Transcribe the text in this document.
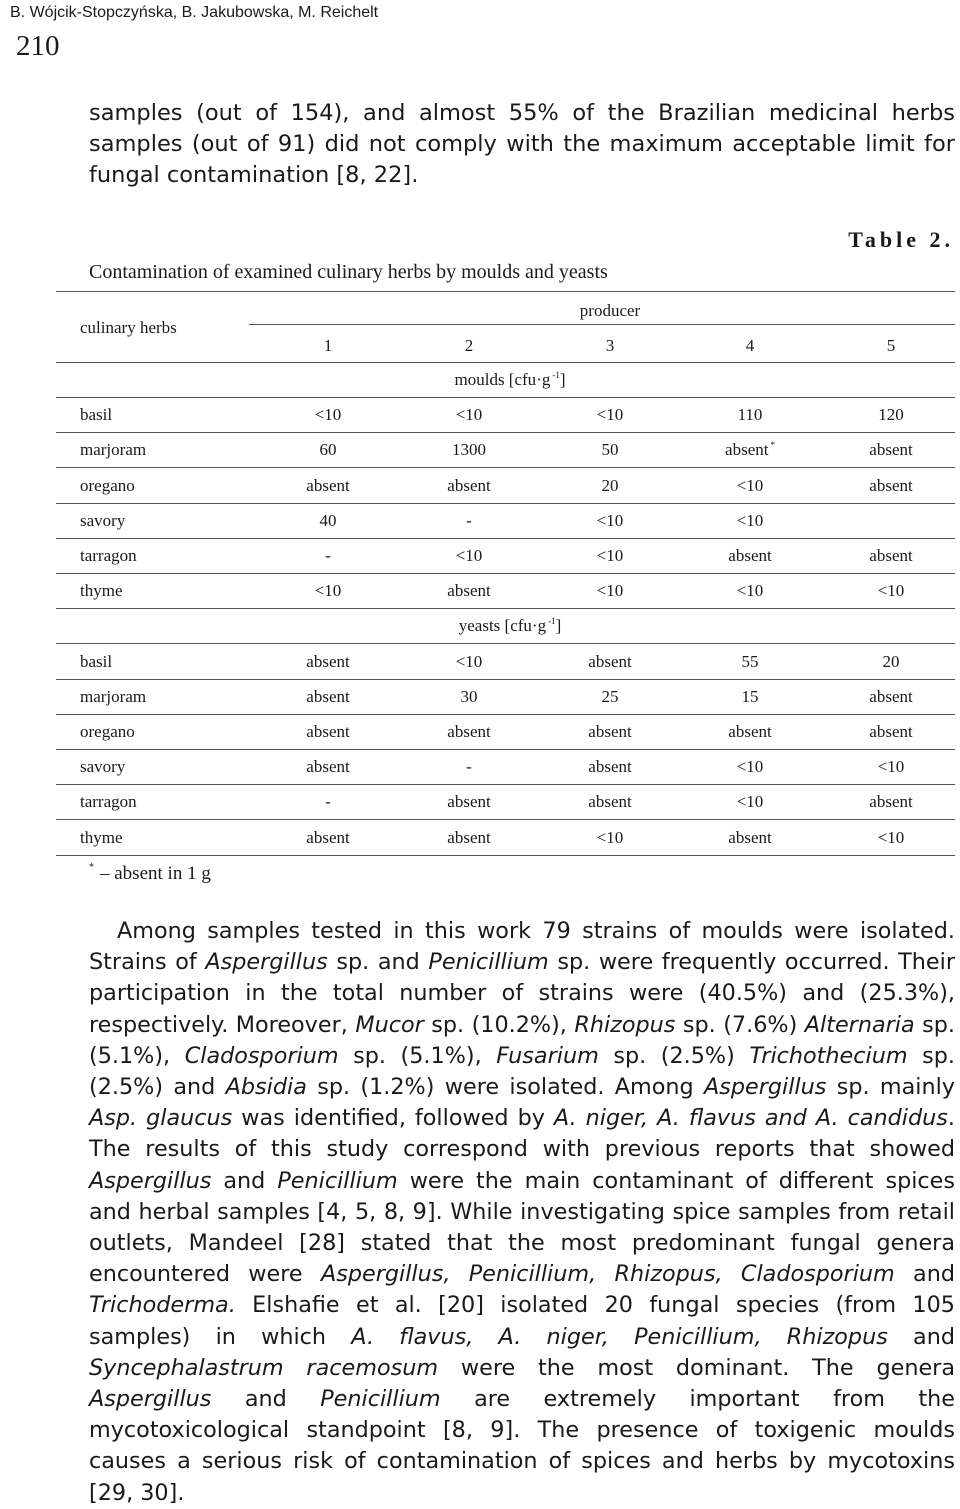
B. Wójcik-Stopczyńska, B. Jakubowska, M. Reichelt
210

samples (out of 154), and almost 55% of the Brazilian medicinal herbs samples (out of 91) did not comply with the maximum acceptable limit for fungal contamination [8, 22].

Table 2.
Contamination of examined culinary herbs by moulds and yeasts
culinary herbs
producer
1	2	3	4	5
moulds [cfu·g $^{-1}$]
basil	<10	<10	<10	110	120
marjoram	60	1300	50	absent *	absent
oregano	absent	absent	20	<10	absent
savory	40	-	<10	<10
tarragon	-	<10	<10	absent	absent
thyme	<10	absent	<10	<10	<10
yeasts [cfu·g $^{-1}$]
basil	absent	<10	absent	55	20
marjoram	absent	30	25	15	absent
oregano	absent	absent	absent	absent	absent
savory	absent	-	absent	<10	<10
tarragon	-	absent	absent	<10	absent
thyme	absent	absent	<10	absent	<10
* – absent in 1 g

Among samples tested in this work 79 strains of moulds were isolated. Strains of Aspergillus sp. and Penicillium sp. were frequently occurred. Their participation in the total number of strains were (40.5%) and (25.3%), respectively. Moreover, Mucor sp. (10.2%), Rhizopus sp. (7.6%) Alternaria sp. (5.1%), Cladosporium sp. (5.1%), Fusarium sp. (2.5%) Trichothecium sp. (2.5%) and Absidia sp. (1.2%) were isolated. Among Aspergillus sp. mainly Asp. glaucus was identified, followed by A. niger, A. flavus and A. candidus. The results of this study correspond with previous reports that showed Aspergillus and Penicillium were the main contaminant of different spices and herbal samples [4, 5, 8, 9]. While investigating spice samples from retail outlets, Mandeel [28] stated that the most predominant fungal genera encountered were Aspergillus, Penicillium, Rhizopus, Cladosporium and Trichoderma. Elshafie et al. [20] isolated 20 fungal species (from 105 samples) in which A. flavus, A. niger, Penicillium, Rhizopus and Syncephalastrum racemosum were the most dominant. The genera Aspergillus and Penicillium are extremely important from the mycotoxicological standpoint [8, 9]. The presence of toxigenic moulds causes a serious risk of contamination of spices and herbs by mycotoxins [29, 30].
